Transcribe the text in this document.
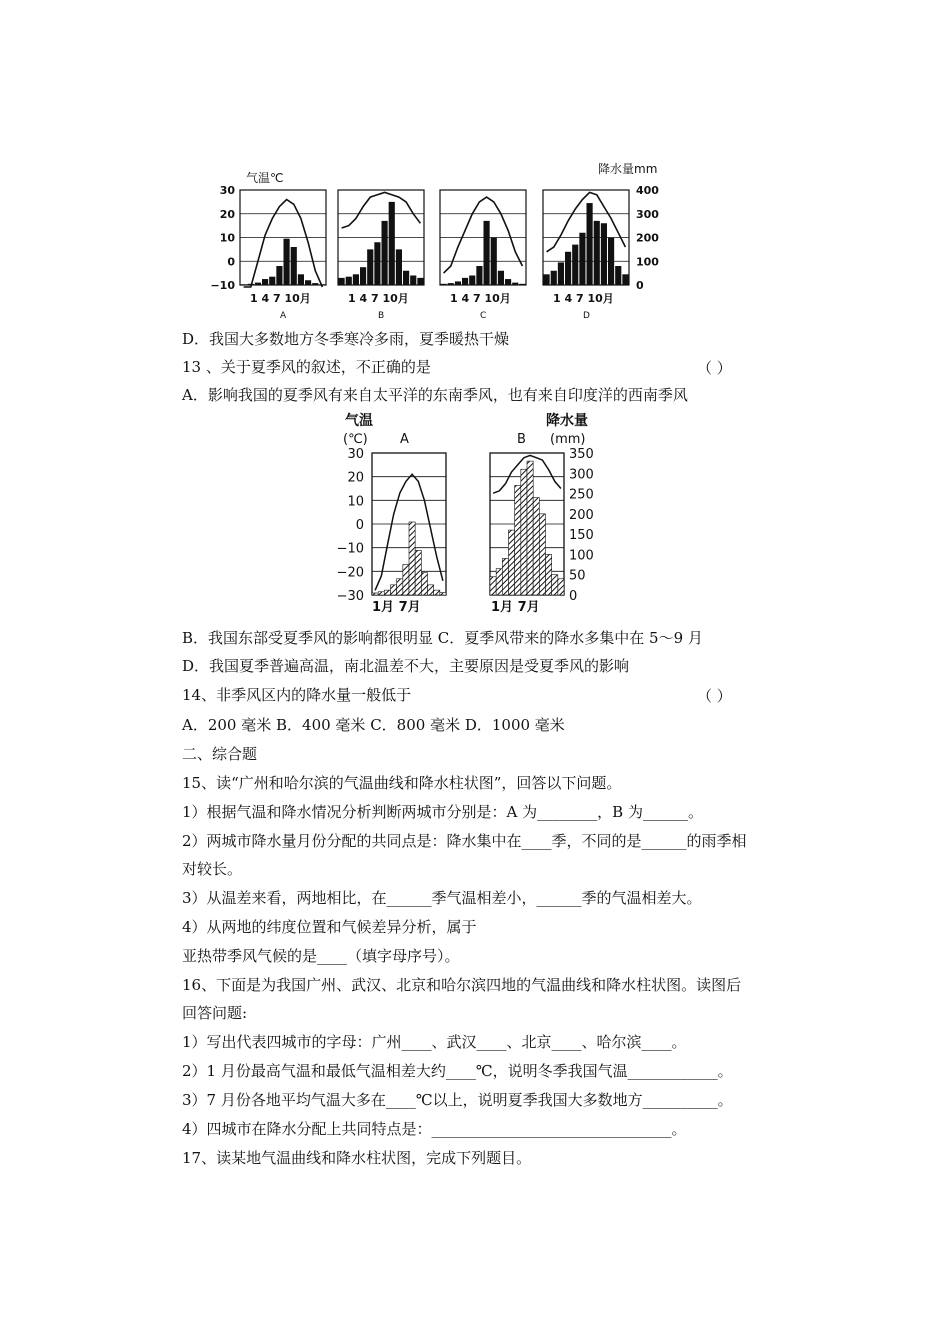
气温℃
降水量mm
30
20
10
0
−10
400
300
200
100
0
1 4 7 10月
A
1 4 7 10月
B
1 4 7 10月
C
1 4 7 10月
D
D．我国大多数地方冬季寒冷多雨，夏季暖热干燥
13 、关于夏季风的叙述，不正确的是	（ ）
A．影响我国的夏季风有来自太平洋的东南季风，也有来自印度洋的西南季风
气温
(℃) A
降水量
(mm)
B
30
20
10
0
−10
−20
−30
350
300
250
200
150
100
50
0
1月 7月	1月 7月
B．我国东部受夏季风的影响都很明显 C．夏季风带来的降水多集中在 5～9 月
D．我国夏季普遍高温，南北温差不大，主要原因是受夏季风的影响
14、非季风区内的降水量一般低于	（ ）
A．200 毫米 B．400 毫米 C．800 毫米 D．1000 毫米
二、综合题
15、读“广州和哈尔滨的气温曲线和降水柱状图”，回答以下问题。
1）根据气温和降水情况分析判断两城市分别是：A 为________，B 为______。
2）两城市降水量月份分配的共同点是：降水集中在____季，不同的是______的雨季相
对较长。
3）从温差来看，两地相比，在______季气温相差小，______季的气温相差大。
4）从两地的纬度位置和气候差异分析，属于
亚热带季风气候的是____（填字母序号）。
16、下面是为我国广州、武汉、北京和哈尔滨四地的气温曲线和降水柱状图。读图后
回答问题:
1）写出代表四城市的字母：广州____、武汉____、北京____、哈尔滨____。
2）1 月份最高气温和最低气温相差大约____℃，说明冬季我国气温____________。
3）7 月份各地平均气温大多在____℃以上，说明夏季我国大多数地方__________。
4）四城市在降水分配上共同特点是：________________________________。
17、读某地气温曲线和降水柱状图，完成下列题目。
